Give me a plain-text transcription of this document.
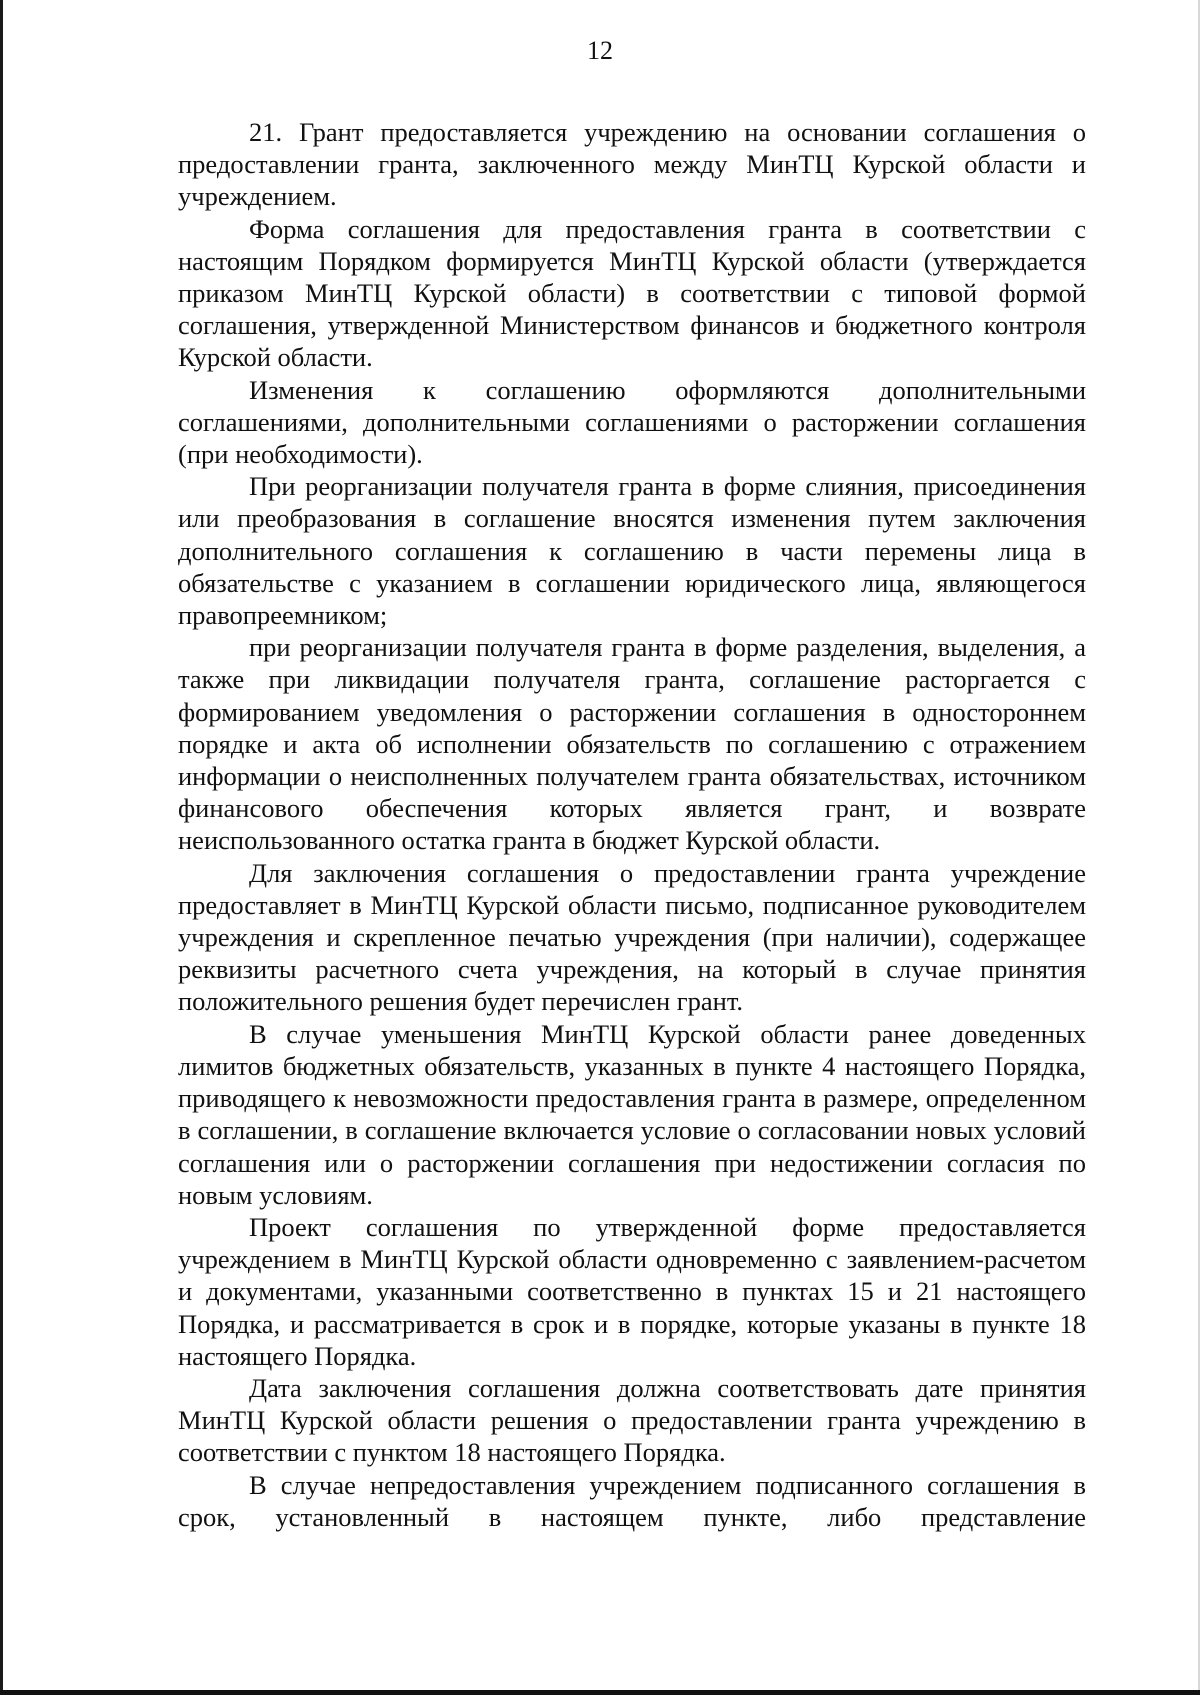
12

21. Грант предоставляется учреждению на основании соглашения о предоставлении гранта, заключенного между МинТЦ Курской области и учреждением.

Форма соглашения для предоставления гранта в соответствии с настоящим Порядком формируется МинТЦ Курской области (утверждается приказом МинТЦ Курской области) в соответствии с типовой формой соглашения, утвержденной Министерством финансов и бюджетного контроля Курской области.

Изменения к соглашению оформляются дополнительными соглашениями, дополнительными соглашениями о расторжении соглашения (при необходимости).

При реорганизации получателя гранта в форме слияния, присоединения или преобразования в соглашение вносятся изменения путем заключения дополнительного соглашения к соглашению в части перемены лица в обязательстве с указанием в соглашении юридического лица, являющегося правопреемником;

при реорганизации получателя гранта в форме разделения, выделения, а также при ликвидации получателя гранта, соглашение расторгается с формированием уведомления о расторжении соглашения в одностороннем порядке и акта об исполнении обязательств по соглашению с отражением информации о неисполненных получателем гранта обязательствах, источником финансового обеспечения которых является грант, и возврате неиспользованного остатка гранта в бюджет Курской области.

Для заключения соглашения о предоставлении гранта учреждение предоставляет в МинТЦ Курской области письмо, подписанное руководителем учреждения и скрепленное печатью учреждения (при наличии), содержащее реквизиты расчетного счета учреждения, на который в случае принятия положительного решения будет перечислен грант.

В случае уменьшения МинТЦ Курской области ранее доведенных лимитов бюджетных обязательств, указанных в пункте 4 настоящего Порядка, приводящего к невозможности предоставления гранта в размере, определенном в соглашении, в соглашение включается условие о согласовании новых условий соглашения или о расторжении соглашения при недостижении согласия по новым условиям.

Проект соглашения по утвержденной форме предоставляется учреждением в МинТЦ Курской области одновременно с заявлением-расчетом и документами, указанными соответственно в пунктах 15 и 21 настоящего Порядка, и рассматривается в срок и в порядке, которые указаны в пункте 18 настоящего Порядка.

Дата заключения соглашения должна соответствовать дате принятия МинТЦ Курской области решения о предоставлении гранта учреждению в соответствии с пунктом 18 настоящего Порядка.

В случае непредоставления учреждением подписанного соглашения в срок, установленный в настоящем пункте, либо представление
